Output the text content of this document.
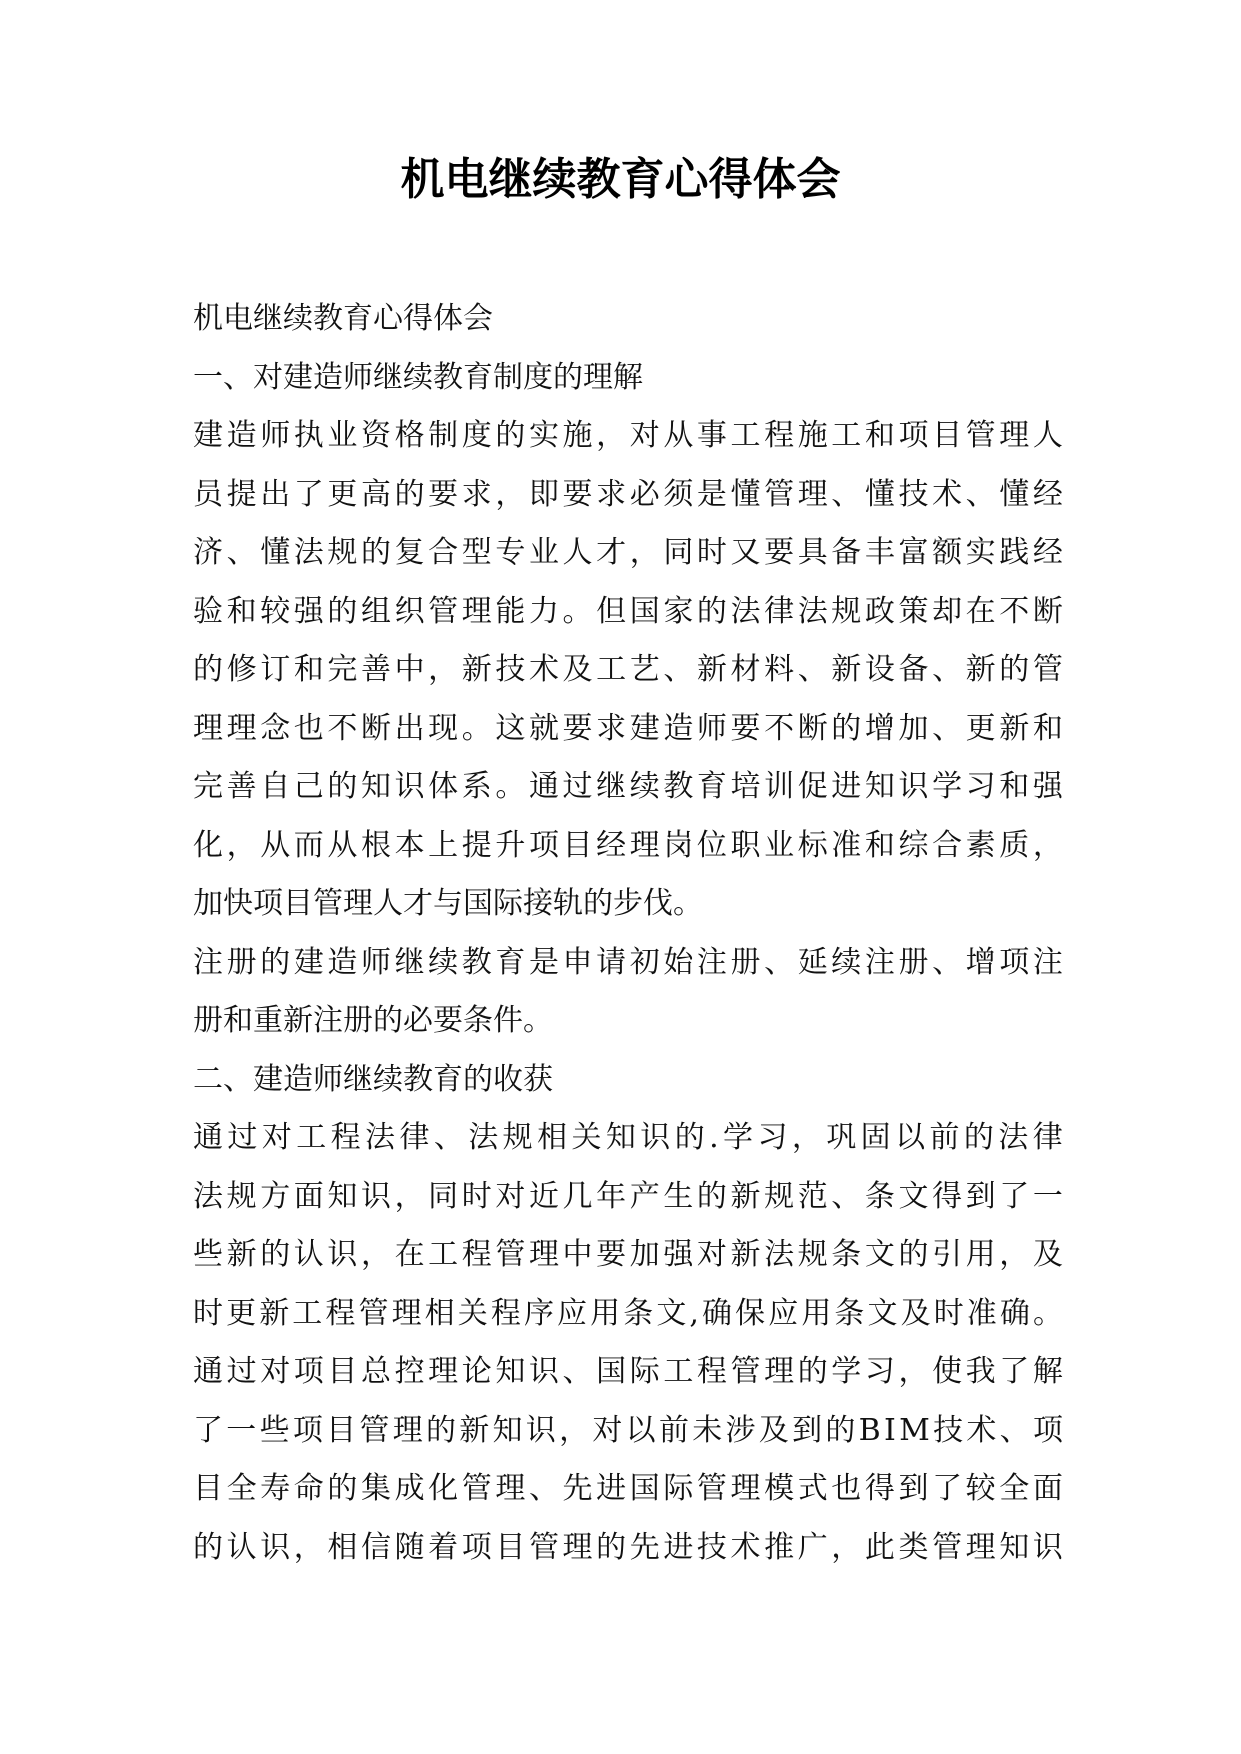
机电继续教育心得体会
机电继续教育心得体会
一、对建造师继续教育制度的理解
建 造 师 执 业 资 格 制 度 的 实 施 ， 对 从 事 工 程 施 工 和 项 目 管 理 人
员 提 出 了 更 高 的 要 求 ， 即 要 求 必 须 是 懂 管 理 、 懂 技 术 、 懂 经
济 、 懂 法 规 的 复 合 型 专 业 人 才 ， 同 时 又 要 具 备 丰 富 额 实 践 经
验 和 较 强 的 组 织 管 理 能 力 。 但 国 家 的 法 律 法 规 政 策 却 在 不 断
的 修 订 和 完 善 中 ， 新 技 术 及 工 艺 、 新 材 料 、 新 设 备 、 新 的 管
理 理 念 也 不 断 出 现 。 这 就 要 求 建 造 师 要 不 断 的 增 加 、 更 新 和
完 善 自 己 的 知 识 体 系 。 通 过 继 续 教 育 培 训 促 进 知 识 学 习 和 强
化 ， 从 而 从 根 本 上 提 升 项 目 经 理 岗 位 职 业 标 准 和 综 合 素 质 ，
加快项目管理人才与国际接轨的步伐。
注 册 的 建 造 师 继 续 教 育 是 申 请 初 始 注 册 、 延 续 注 册 、 增 项 注
册和重新注册的必要条件。
二、建造师继续教育的收获
通 过 对 工 程 法 律 、 法 规 相 关 知 识 的 . 学 习 ， 巩 固 以 前 的 法 律
法 规 方 面 知 识 ， 同 时 对 近 几 年 产 生 的 新 规 范 、 条 文 得 到 了 一
些 新 的 认 识 ， 在 工 程 管 理 中 要 加 强 对 新 法 规 条 文 的 引 用 ， 及
时 更 新 工 程 管 理 相 关 程 序 应 用 条 文 , 确 保 应 用 条 文 及 时 准 确 。
通 过 对 项 目 总 控 理 论 知 识 、 国 际 工 程 管 理 的 学 习 ， 使 我 了 解
了 一 些 项 目 管 理 的 新 知 识 ， 对 以 前 未 涉 及 到 的 B I M 技 术 、 项
目 全 寿 命 的 集 成 化 管 理 、 先 进 国 际 管 理 模 式 也 得 到 了 较 全 面
的 认 识 ， 相 信 随 着 项 目 管 理 的 先 进 技 术 推 广 ， 此 类 管 理 知 识
